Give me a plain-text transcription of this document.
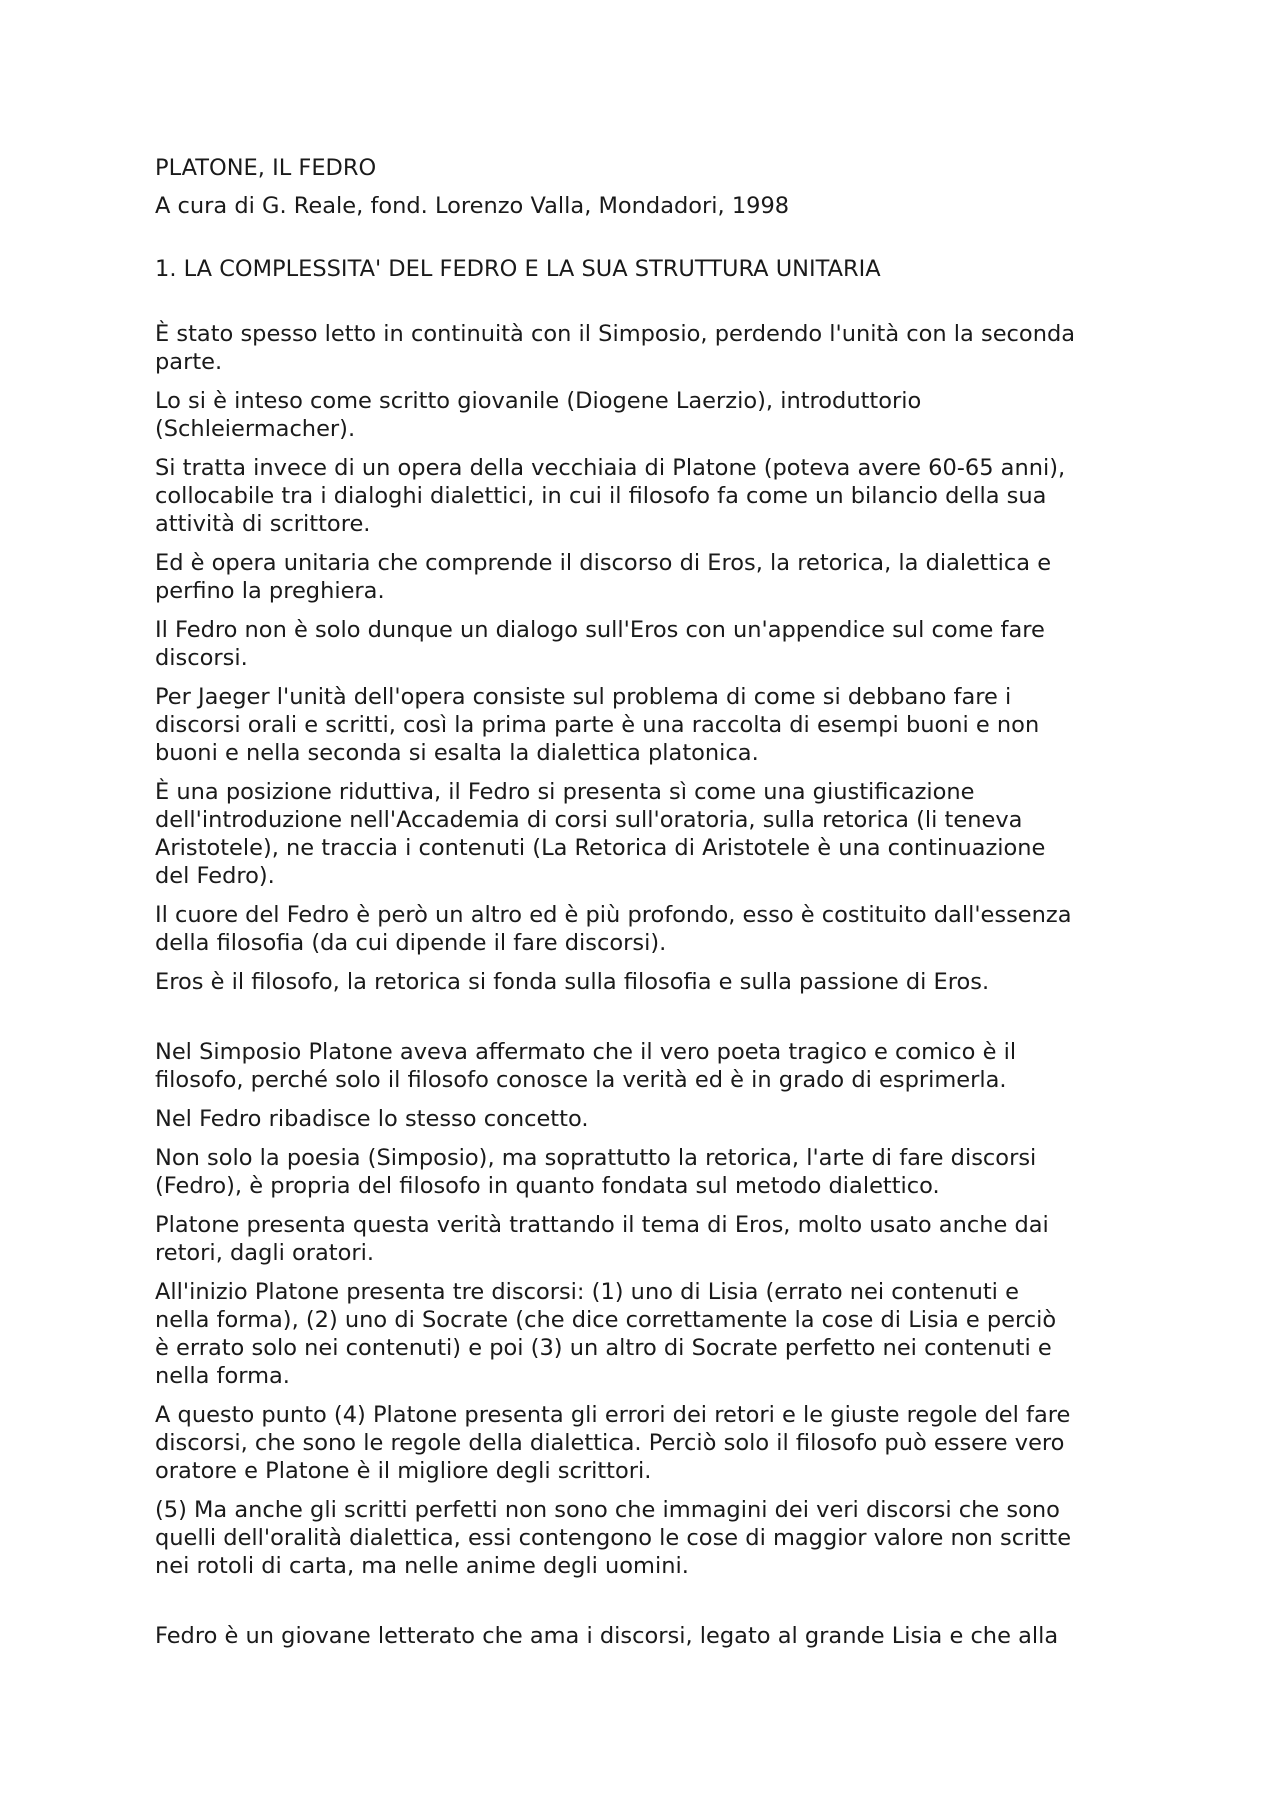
PLATONE, IL FEDRO

A cura di G. Reale, fond. Lorenzo Valla, Mondadori, 1998

1. LA COMPLESSITA' DEL FEDRO E LA SUA STRUTTURA UNITARIA

È stato spesso letto in continuità con il Simposio, perdendo l'unità con la seconda
parte.
Lo si è inteso come scritto giovanile (Diogene Laerzio), introduttorio
(Schleiermacher).
Si tratta invece di un opera della vecchiaia di Platone (poteva avere 60-65 anni),
collocabile tra i dialoghi dialettici, in cui il filosofo fa come un bilancio della sua
attività di scrittore.
Ed è opera unitaria che comprende il discorso di Eros, la retorica, la dialettica e
perfino la preghiera.
Il Fedro non è solo dunque un dialogo sull'Eros con un'appendice sul come fare
discorsi.
Per Jaeger l'unità dell'opera consiste sul problema di come si debbano fare i
discorsi orali e scritti, così la prima parte è una raccolta di esempi buoni e non
buoni e nella seconda si esalta la dialettica platonica.
È una posizione riduttiva, il Fedro si presenta sì come una giustificazione
dell'introduzione nell'Accademia di corsi sull'oratoria, sulla retorica (li teneva
Aristotele), ne traccia i contenuti (La Retorica di Aristotele è una continuazione
del Fedro).
Il cuore del Fedro è però un altro ed è più profondo, esso è costituito dall'essenza
della filosofia (da cui dipende il fare discorsi).
Eros è il filosofo, la retorica si fonda sulla filosofia e sulla passione di Eros.
Nel Simposio Platone aveva affermato che il vero poeta tragico e comico è il
filosofo, perché solo il filosofo conosce la verità ed è in grado di esprimerla.
Nel Fedro ribadisce lo stesso concetto.
Non solo la poesia (Simposio), ma soprattutto la retorica, l'arte di fare discorsi
(Fedro), è propria del filosofo in quanto fondata sul metodo dialettico.
Platone presenta questa verità trattando il tema di Eros, molto usato anche dai
retori, dagli oratori.
All'inizio Platone presenta tre discorsi: (1) uno di Lisia (errato nei contenuti e
nella forma), (2) uno di Socrate (che dice correttamente la cose di Lisia e perciò
è errato solo nei contenuti) e poi (3) un altro di Socrate perfetto nei contenuti e
nella forma.
A questo punto (4) Platone presenta gli errori dei retori e le giuste regole del fare
discorsi, che sono le regole della dialettica. Perciò solo il filosofo può essere vero
oratore e Platone è il migliore degli scrittori.
(5) Ma anche gli scritti perfetti non sono che immagini dei veri discorsi che sono
quelli dell'oralità dialettica, essi contengono le cose di maggior valore non scritte
nei rotoli di carta, ma nelle anime degli uomini.
Fedro è un giovane letterato che ama i discorsi, legato al grande Lisia e che alla
